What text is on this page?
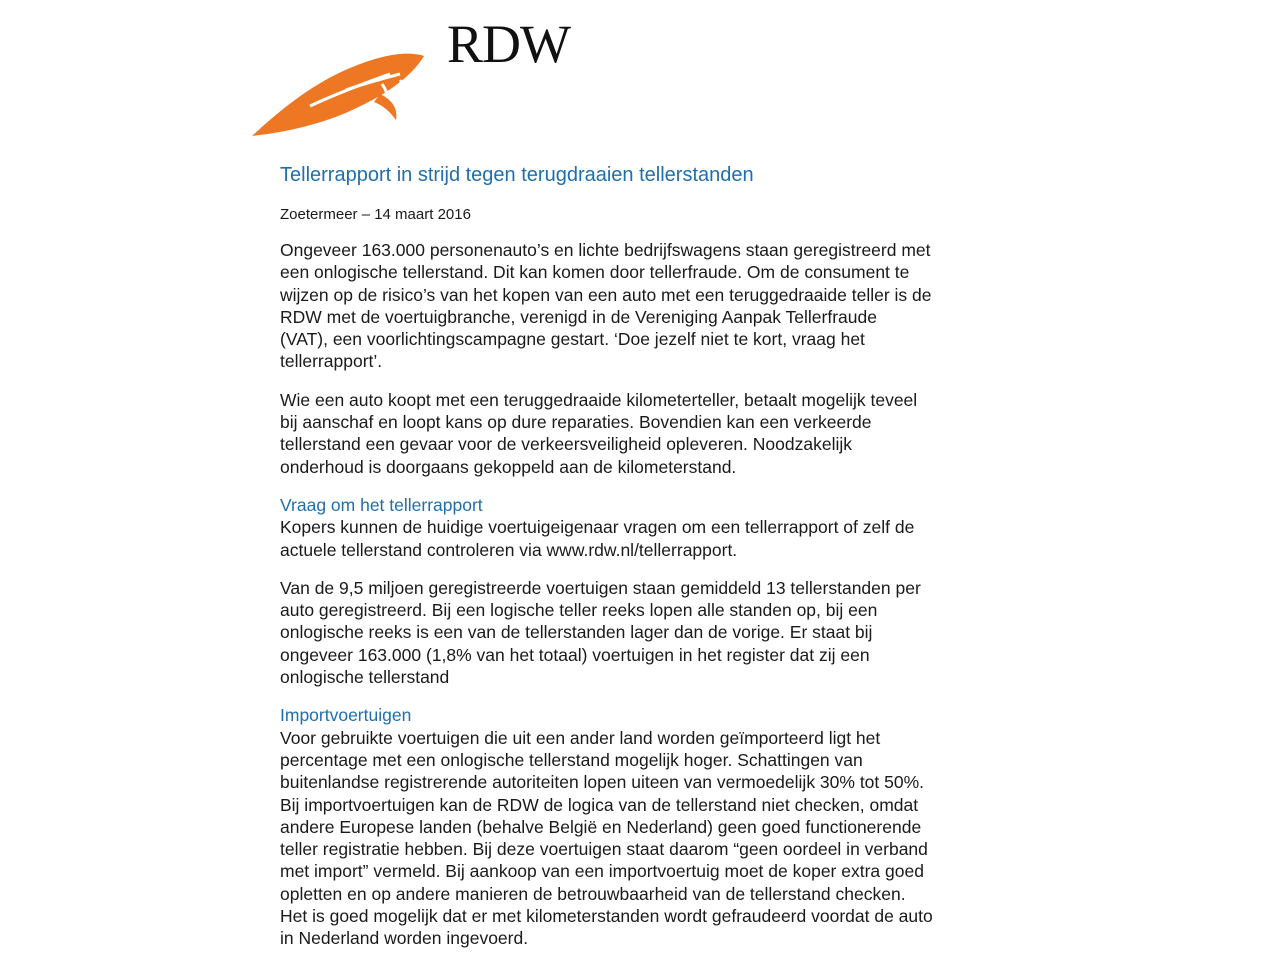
RDW
Tellerrapport in strijd tegen terugdraaien tellerstanden
Zoetermeer – 14 maart 2016

Ongeveer 163.000 personenauto’s en lichte bedrijfswagens staan geregistreerd met
een onlogische tellerstand. Dit kan komen door tellerfraude. Om de consument te
wijzen op de risico’s van het kopen van een auto met een teruggedraaide teller is de
RDW met de voertuigbranche, verenigd in de Vereniging Aanpak Tellerfraude
(VAT), een voorlichtingscampagne gestart. ‘Doe jezelf niet te kort, vraag het
tellerrapport’.

Wie een auto koopt met een teruggedraaide kilometerteller, betaalt mogelijk teveel
bij aanschaf en loopt kans op dure reparaties. Bovendien kan een verkeerde
tellerstand een gevaar voor de verkeersveiligheid opleveren. Noodzakelijk
onderhoud is doorgaans gekoppeld aan de kilometerstand.

Vraag om het tellerrapport

Kopers kunnen de huidige voertuigeigenaar vragen om een tellerrapport of zelf de
actuele tellerstand controleren via www.rdw.nl/tellerrapport.

Van de 9,5 miljoen geregistreerde voertuigen staan gemiddeld 13 tellerstanden per
auto geregistreerd. Bij een logische teller reeks lopen alle standen op, bij een
onlogische reeks is een van de tellerstanden lager dan de vorige. Er staat bij
ongeveer 163.000 (1,8% van het totaal) voertuigen in het register dat zij een
onlogische tellerstand

Importvoertuigen

Voor gebruikte voertuigen die uit een ander land worden geïmporteerd ligt het
percentage met een onlogische tellerstand mogelijk hoger. Schattingen van
buitenlandse registrerende autoriteiten lopen uiteen van vermoedelijk 30% tot 50%.
Bij importvoertuigen kan de RDW de logica van de tellerstand niet checken, omdat
andere Europese landen (behalve België en Nederland) geen goed functionerende
teller registratie hebben. Bij deze voertuigen staat daarom “geen oordeel in verband
met import” vermeld. Bij aankoop van een importvoertuig moet de koper extra goed
opletten en op andere manieren de betrouwbaarheid van de tellerstand checken.
Het is goed mogelijk dat er met kilometerstanden wordt gefraudeerd voordat de auto
in Nederland worden ingevoerd.
